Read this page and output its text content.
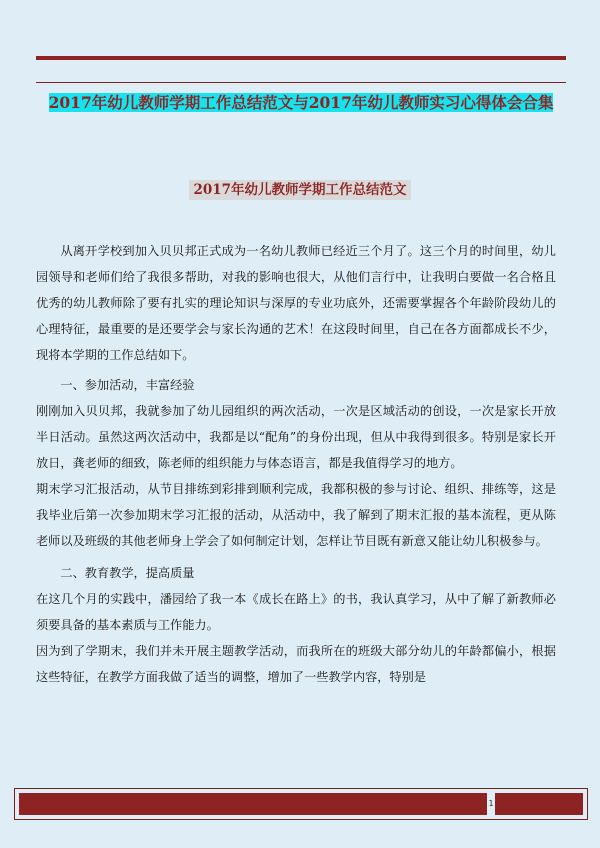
2017年幼儿教师学期工作总结范文与2017年幼儿教师实习心得体会合集
2017年幼儿教师学期工作总结范文

从离开学校到加入贝贝邦正式成为一名幼儿教师已经近三个月了。这三个月的时间里，幼儿园领导和老师们给了我很多帮助，对我的影响也很大，从他们言行中，让我明白要做一名合格且优秀的幼儿教师除了要有扎实的理论知识与深厚的专业功底外，还需要掌握各个年龄阶段幼儿的心理特征，最重要的是还要学会与家长沟通的艺术！在这段时间里，自己在各方面都成长不少，现将本学期的工作总结如下。

一、参加活动，丰富经验

刚刚加入贝贝邦，我就参加了幼儿园组织的两次活动，一次是区域活动的创设，一次是家长开放半日活动。虽然这两次活动中，我都是以“配角”的身份出现，但从中我得到很多。特别是家长开放日，龚老师的细致，陈老师的组织能力与体态语言，都是我值得学习的地方。

期末学习汇报活动，从节目排练到彩排到顺利完成，我都积极的参与讨论、组织、排练等，这是我毕业后第一次参加期末学习汇报的活动，从活动中，我了解到了期末汇报的基本流程，更从陈老师以及班级的其他老师身上学会了如何制定计划，怎样让节目既有新意又能让幼儿积极参与。

二、教育教学，提高质量

在这几个月的实践中，潘园给了我一本《成长在路上》的书，我认真学习，从中了解了新教师必须要具备的基本素质与工作能力。

因为到了学期末，我们并未开展主题教学活动，而我所在的班级大部分幼儿的年龄都偏小，根据这些特征，在教学方面我做了适当的调整，增加了一些教学内容，特别是

1
